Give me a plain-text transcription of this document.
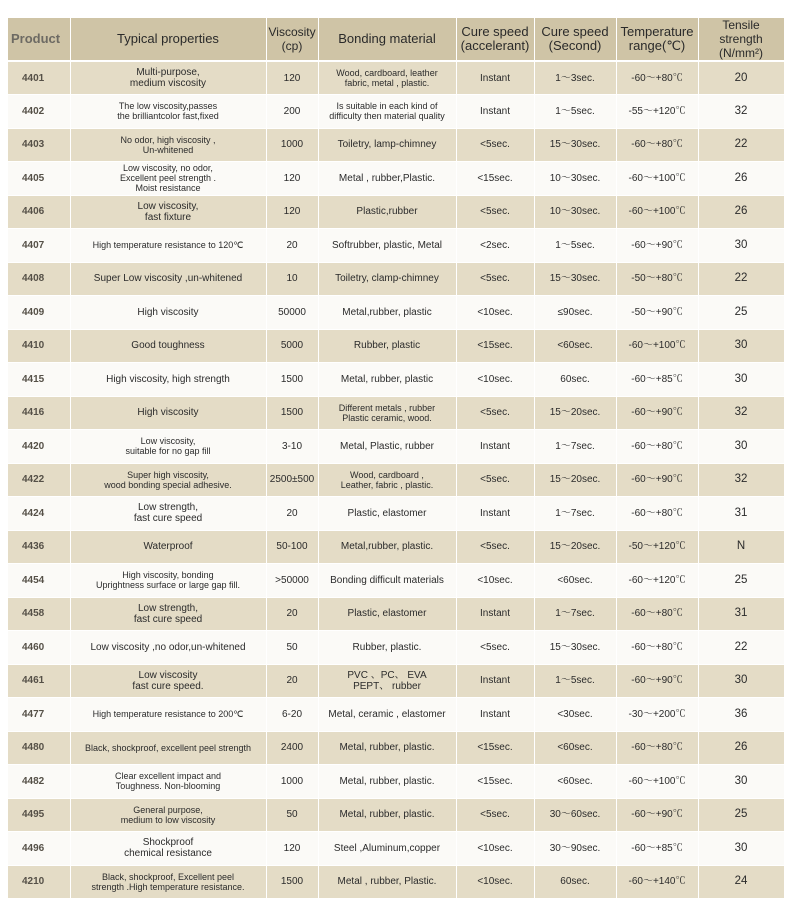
Product	Typical properties	Viscosity
(cp)	Bonding material	Cure speed
(accelerant)	Cure speed
(Second)	Temperature
range(℃)	Tensile strength
(N/mm²)
4401	Multi-purpose,
medium viscosity	120	Wood, cardboard, leather
fabric, metal , plastic.	Instant	1～3sec.	-60～+80℃	20
4402	The low viscosity,passes
the brilliantcolor fast,fixed	200	Is suitable in each kind of
difficulty then material quality	Instant	1～5sec.	-55～+120℃	32
4403	No odor, high viscosity ,
Un-whitened	1000	Toiletry, lamp-chimney	<5sec.	15～30sec.	-60～+80℃	22
4405	Low viscosity, no odor,
Excellent peel strength .
Moist resistance	120	Metal , rubber,Plastic.	<15sec.	10～30sec.	-60～+100℃	26
4406	Low viscosity,
fast fixture	120	Plastic,rubber	<5sec.	10～30sec.	-60～+100℃	26
4407	High temperature resistance to 120℃	20	Softrubber, plastic, Metal	<2sec.	1～5sec.	-60～+90℃	30
4408	Super Low viscosity ,un-whitened	10	Toiletry, clamp-chimney	<5sec.	15～30sec.	-50～+80℃	22
4409	High viscosity	50000	Metal,rubber, plastic	<10sec.	≤90sec.	-50～+90℃	25
4410	Good toughness	5000	Rubber, plastic	<15sec.	<60sec.	-60～+100℃	30
4415	High viscosity, high strength	1500	Metal, rubber, plastic	<10sec.	60sec.	-60～+85℃	30
4416	High viscosity	1500	Different metals , rubber
Plastic ceramic, wood.	<5sec.	15～20sec.	-60～+90℃	32
4420	Low viscosity,
suitable for no gap fill	3-10	Metal, Plastic, rubber	Instant	1～7sec.	-60～+80℃	30
4422	Super high viscosity,
wood bonding special adhesive.	2500±500	Wood, cardboard ,
Leather, fabric , plastic.	<5sec.	15～20sec.	-60～+90℃	32
4424	Low strength,
fast cure speed	20	Plastic, elastomer	Instant	1～7sec.	-60～+80℃	31
4436	Waterproof	50-100	Metal,rubber, plastic.	<5sec.	15～20sec.	-50～+120℃	N
4454	High viscosity, bonding
Uprightness surface or large gap fill.	>50000	Bonding difficult materials	<10sec.	<60sec.	-60～+120℃	25
4458	Low strength,
fast cure speed	20	Plastic, elastomer	Instant	1～7sec.	-60～+80℃	31
4460	Low viscosity ,no odor,un-whitened	50	Rubber, plastic.	<5sec.	15～30sec.	-60～+80℃	22
4461	Low viscosity
fast cure speed.	20	PVC 、PC、 EVA
PEPT、 rubber	Instant	1～5sec.	-60～+90℃	30
4477	High temperature resistance to 200℃	6-20	Metal, ceramic , elastomer	Instant	<30sec.	-30～+200℃	36
4480	Black, shockproof, excellent peel strength	2400	Metal, rubber, plastic.	<15sec.	<60sec.	-60～+80℃	26
4482	Clear excellent impact and
Toughness. Non-blooming	1000	Metal, rubber, plastic.	<15sec.	<60sec.	-60～+100℃	30
4495	General purpose,
medium to low viscosity	50	Metal, rubber, plastic.	<5sec.	30～60sec.	-60～+90℃	25
4496	Shockproof
chemical resistance	120	Steel ,Aluminum,copper	<10sec.	30～90sec.	-60～+85℃	30
4210	Black, shockproof, Excellent peel
strength .High temperature resistance.	1500	Metal , rubber, Plastic.	<10sec.	60sec.	-60～+140℃	24
